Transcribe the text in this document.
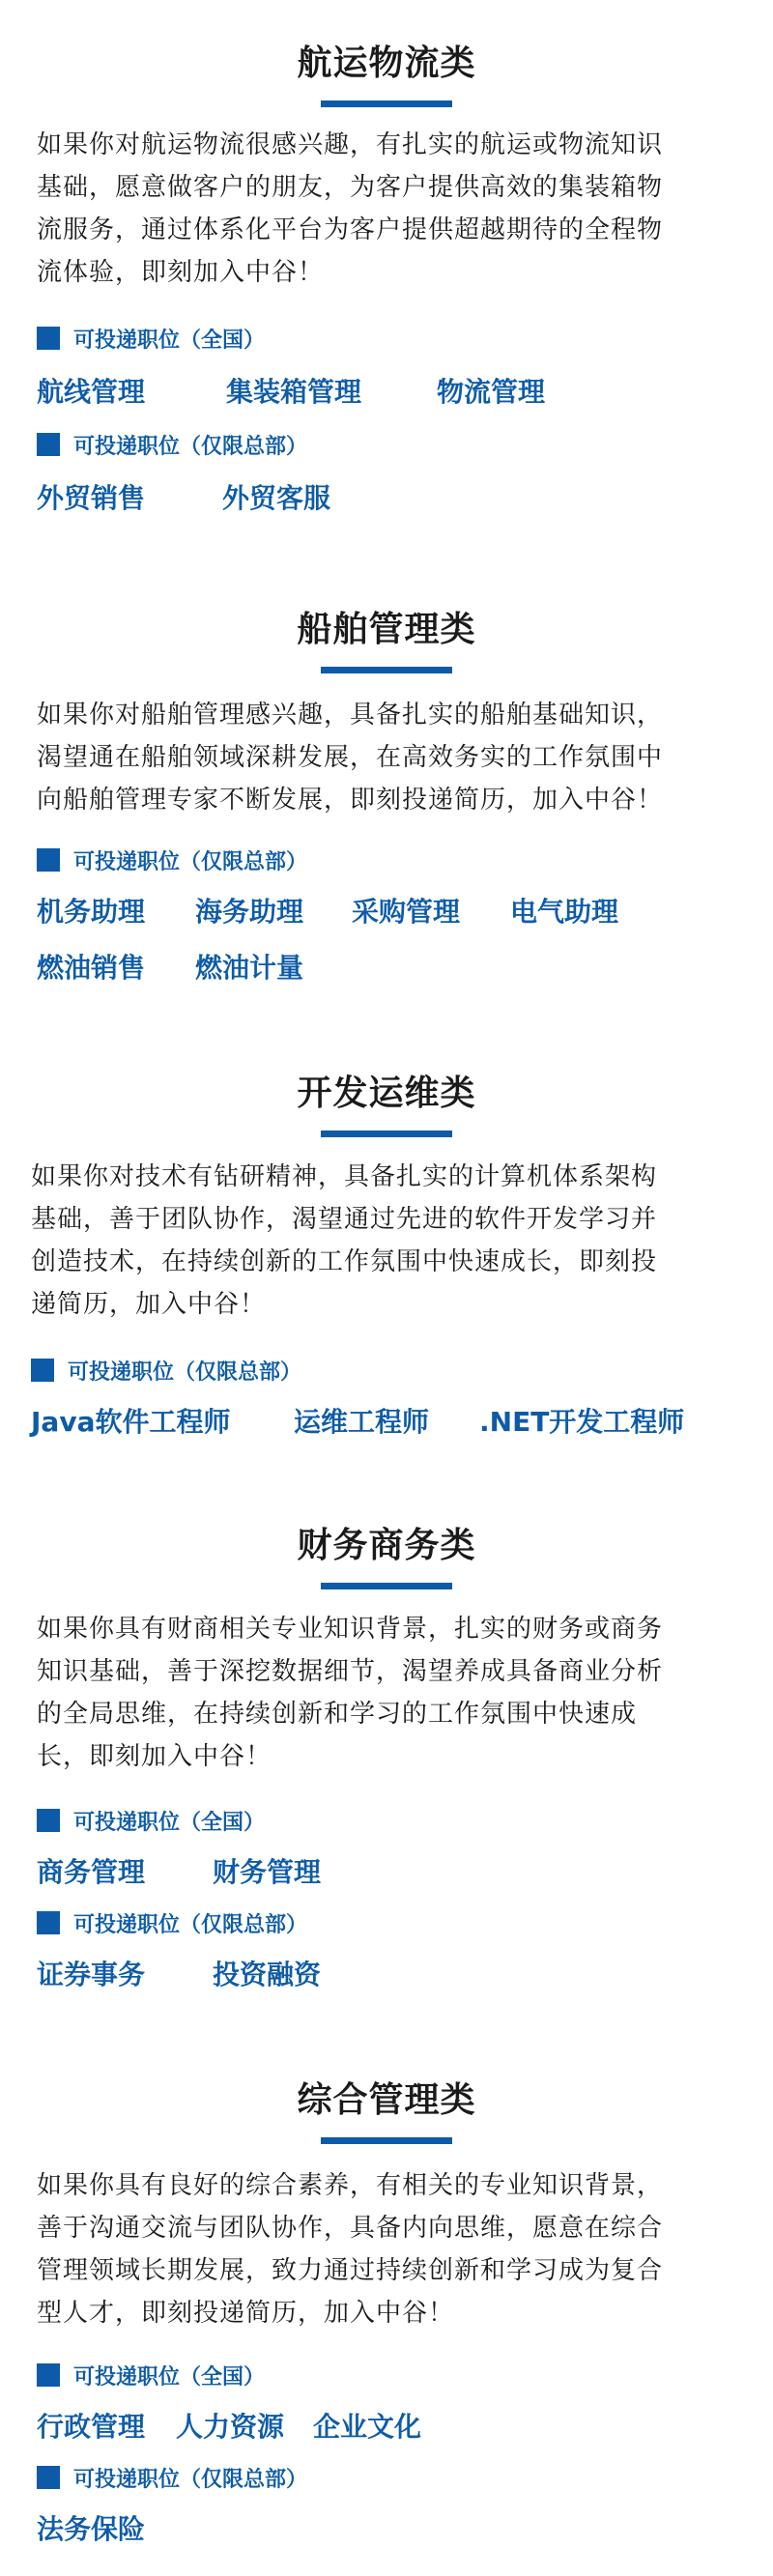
航运物流类
如果你对航运物流很感兴趣，有扎实的航运或物流知识
基础，愿意做客户的朋友，为客户提供高效的集装箱物
流服务，通过体系化平台为客户提供超越期待的全程物
流体验，即刻加入中谷！
可投递职位（全国）
航线管理	集装箱管理	物流管理
可投递职位（仅限总部）
外贸销售	外贸客服
船舶管理类
如果你对船舶管理感兴趣，具备扎实的船舶基础知识，
渴望通在船舶领域深耕发展，在高效务实的工作氛围中
向船舶管理专家不断发展，即刻投递简历，加入中谷！
可投递职位（仅限总部）
机务助理 海务助理 采购管理 电气助理
燃油销售 燃油计量
开发运维类
如果你对技术有钻研精神，具备扎实的计算机体系架构
基础，善于团队协作，渴望通过先进的软件开发学习并
创造技术，在持续创新的工作氛围中快速成长，即刻投
递简历，加入中谷！
可投递职位（仅限总部）
Java软件工程师 运维工程师 .NET开发工程师
财务商务类
如果你具有财商相关专业知识背景，扎实的财务或商务
知识基础，善于深挖数据细节，渴望养成具备商业分析
的全局思维，在持续创新和学习的工作氛围中快速成
长，即刻加入中谷！
可投递职位（全国）
商务管理 财务管理
可投递职位（仅限总部）
证券事务 投资融资
综合管理类
如果你具有良好的综合素养，有相关的专业知识背景，
善于沟通交流与团队协作，具备内向思维，愿意在综合
管理领域长期发展，致力通过持续创新和学习成为复合
型人才，即刻投递简历，加入中谷！
可投递职位（全国）
行政管理 人力资源 企业文化
可投递职位（仅限总部）
法务保险
